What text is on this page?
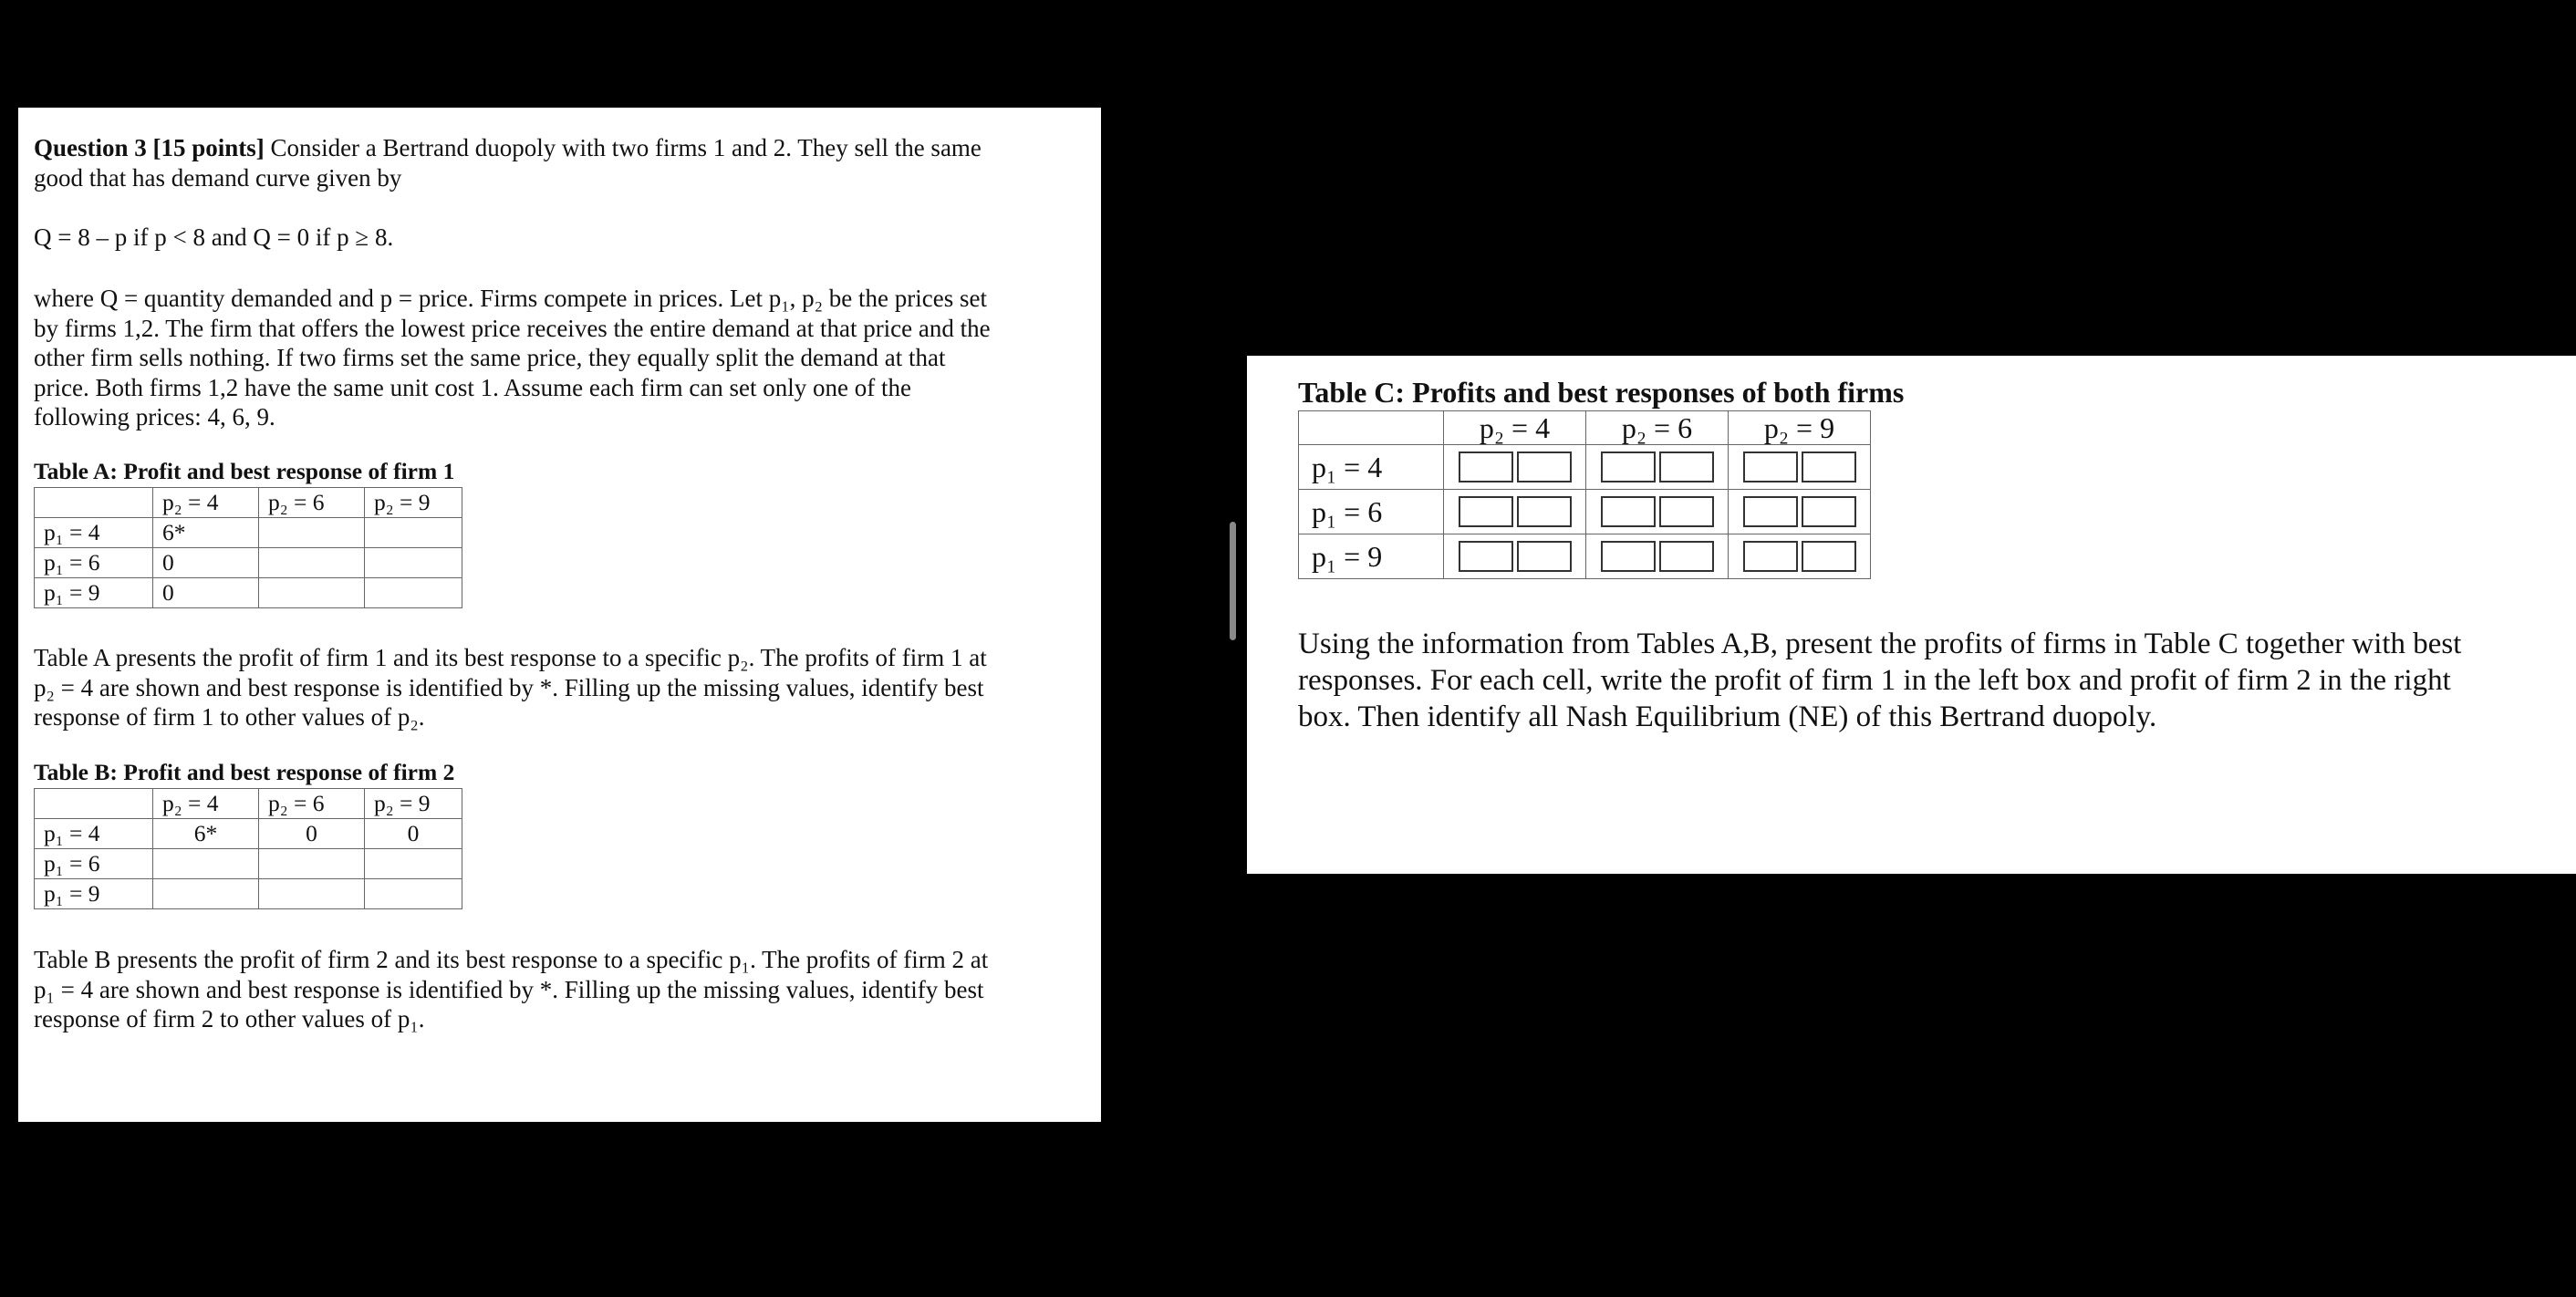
Question 3 [15 points] Consider a Bertrand duopoly with two firms 1 and 2. They sell the same
good that has demand curve given by

Q = 8 – p if p < 8 and Q = 0 if p ≥ 8.

where Q = quantity demanded and p = price. Firms compete in prices. Let p₁, p₂ be the prices set
by firms 1,2. The firm that offers the lowest price receives the entire demand at that price and the
other firm sells nothing. If two firms set the same price, they equally split the demand at that
price. Both firms 1,2 have the same unit cost 1. Assume each firm can set only one of the
following prices: 4, 6, 9.
Table A: Profit and best response of firm 1
	p₂ = 4	p₂ = 6	p₂ = 9
p₁ = 4	6*		
p₁ = 6	0		
p₁ = 9	0		
Table A presents the profit of firm 1 and its best response to a specific p₂. The profits of firm 1 at
p₂ = 4 are shown and best response is identified by *. Filling up the missing values, identify best
response of firm 1 to other values of p₂.
Table B: Profit and best response of firm 2
	p₂ = 4	p₂ = 6	p₂ = 9
p₁ = 4	6*	0	0
p₁ = 6			
p₁ = 9			
Table B presents the profit of firm 2 and its best response to a specific p₁. The profits of firm 2 at
p₁ = 4 are shown and best response is identified by *. Filling up the missing values, identify best
response of firm 2 to other values of p₁.
Table C: Profits and best responses of both firms
	p₂ = 4	p₂ = 6	p₂ = 9
p₁ = 4	

p₁ = 6	

p₁ = 9	

Using the information from Tables A,B, present the profits of firms in Table C together with best
responses. For each cell, write the profit of firm 1 in the left box and profit of firm 2 in the right
box. Then identify all Nash Equilibrium (NE) of this Bertrand duopoly.
